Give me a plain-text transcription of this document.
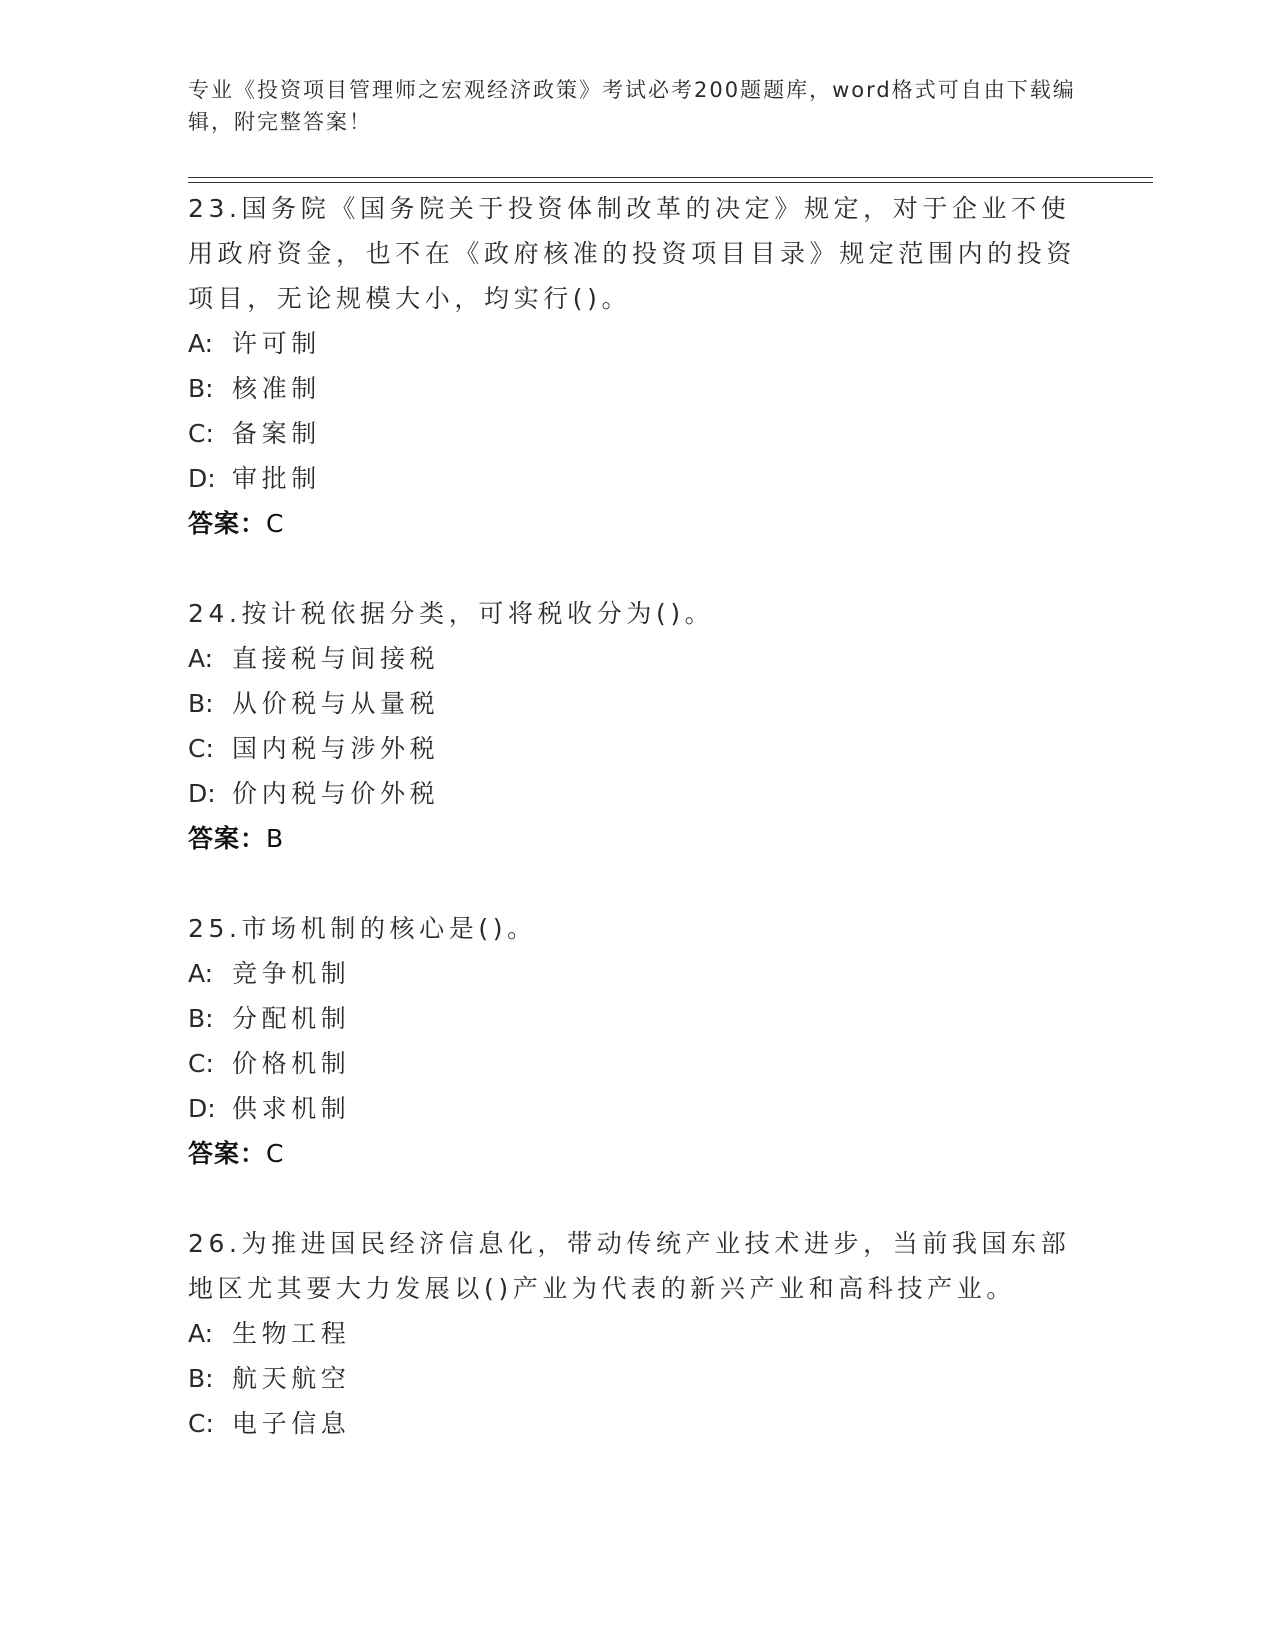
专业《投资项目管理师之宏观经济政策》考试必考200题题库，word格式可自由下载编辑，附完整答案！
23.国务院《国务院关于投资体制改革的决定》规定，对于企业不使用政府资金，也不在《政府核准的投资项目目录》规定范围内的投资项目，无论规模大小，均实行()。
A: 许可制
B: 核准制
C: 备案制
D: 审批制
答案：C
24.按计税依据分类，可将税收分为()。
A: 直接税与间接税
B: 从价税与从量税
C: 国内税与涉外税
D: 价内税与价外税
答案：B
25.市场机制的核心是()。
A: 竞争机制
B: 分配机制
C: 价格机制
D: 供求机制
答案：C
26.为推进国民经济信息化，带动传统产业技术进步，当前我国东部地区尤其要大力发展以()产业为代表的新兴产业和高科技产业。
A: 生物工程
B: 航天航空
C: 电子信息
